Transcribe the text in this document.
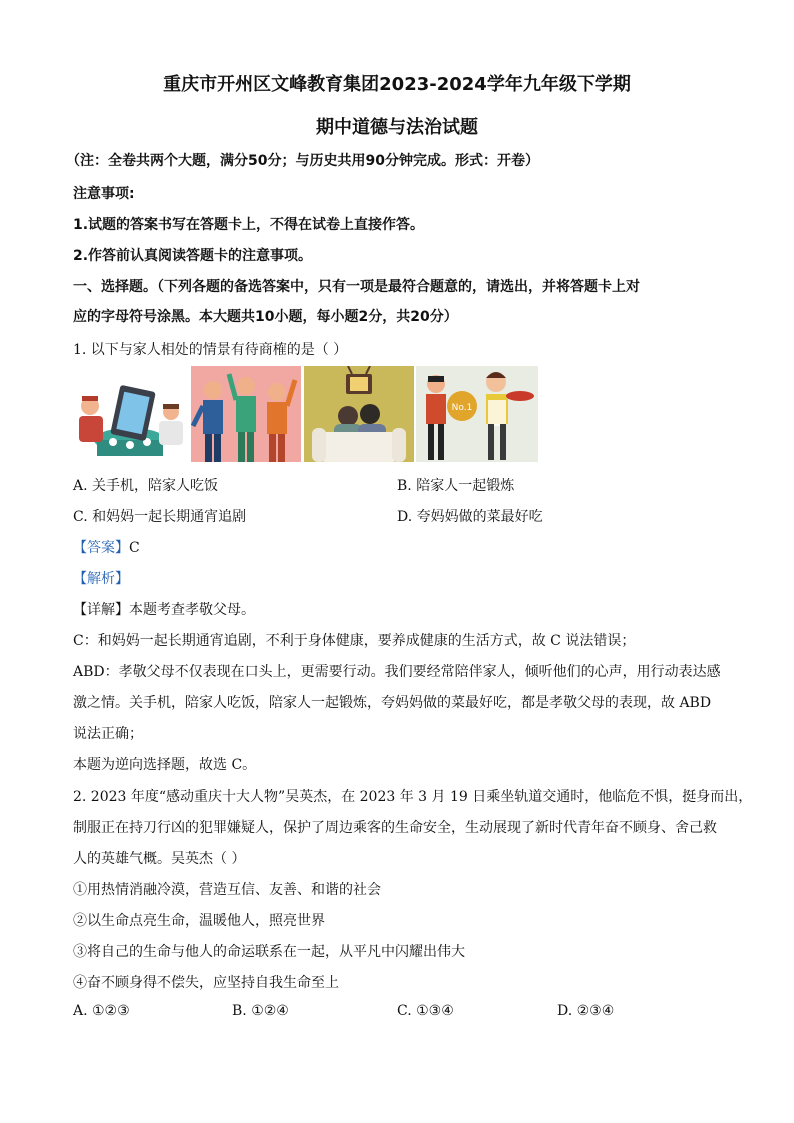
重庆市开州区文峰教育集团2023-2024学年九年级下学期
期中道德与法治试题
（注：全卷共两个大题，满分50分；与历史共用90分钟完成。形式：开卷）
注意事项:
1.试题的答案书写在答题卡上，不得在试卷上直接作答。
2.作答前认真阅读答题卡的注意事项。
一、选择题。（下列各题的备选答案中，只有一项是最符合题意的，请选出，并将答题卡上对
应的字母符号涂黑。本大题共10小题，每小题2分，共20分）
1. 以下与家人相处的情景有待商榷的是（ ）
No.1
A. 关手机，陪家人吃饭	B. 陪家人一起锻炼
C. 和妈妈一起长期通宵追剧	D. 夸妈妈做的菜最好吃
【答案】C
【解析】
【详解】本题考查孝敬父母。
C：和妈妈一起长期通宵追剧，不利于身体健康，要养成健康的生活方式，故 C 说法错误；
ABD：孝敬父母不仅表现在口头上，更需要行动。我们要经常陪伴家人，倾听他们的心声，用行动表达感
激之情。关手机，陪家人吃饭，陪家人一起锻炼，夸妈妈做的菜最好吃，都是孝敬父母的表现，故 ABD
说法正确；
本题为逆向选择题，故选 C。
2. 2023 年度“感动重庆十大人物”吴英杰，在 2023 年 3 月 19 日乘坐轨道交通时，他临危不惧，挺身而出，
制服正在持刀行凶的犯罪嫌疑人，保护了周边乘客的生命安全，生动展现了新时代青年奋不顾身、舍己救
人的英雄气概。吴英杰（ ）
①用热情消融冷漠，营造互信、友善、和谐的社会
②以生命点亮生命，温暖他人，照亮世界
③将自己的生命与他人的命运联系在一起，从平凡中闪耀出伟大
④奋不顾身得不偿失，应坚持自我生命至上
A. ①②③	B. ①②④	C. ①③④	D. ②③④
